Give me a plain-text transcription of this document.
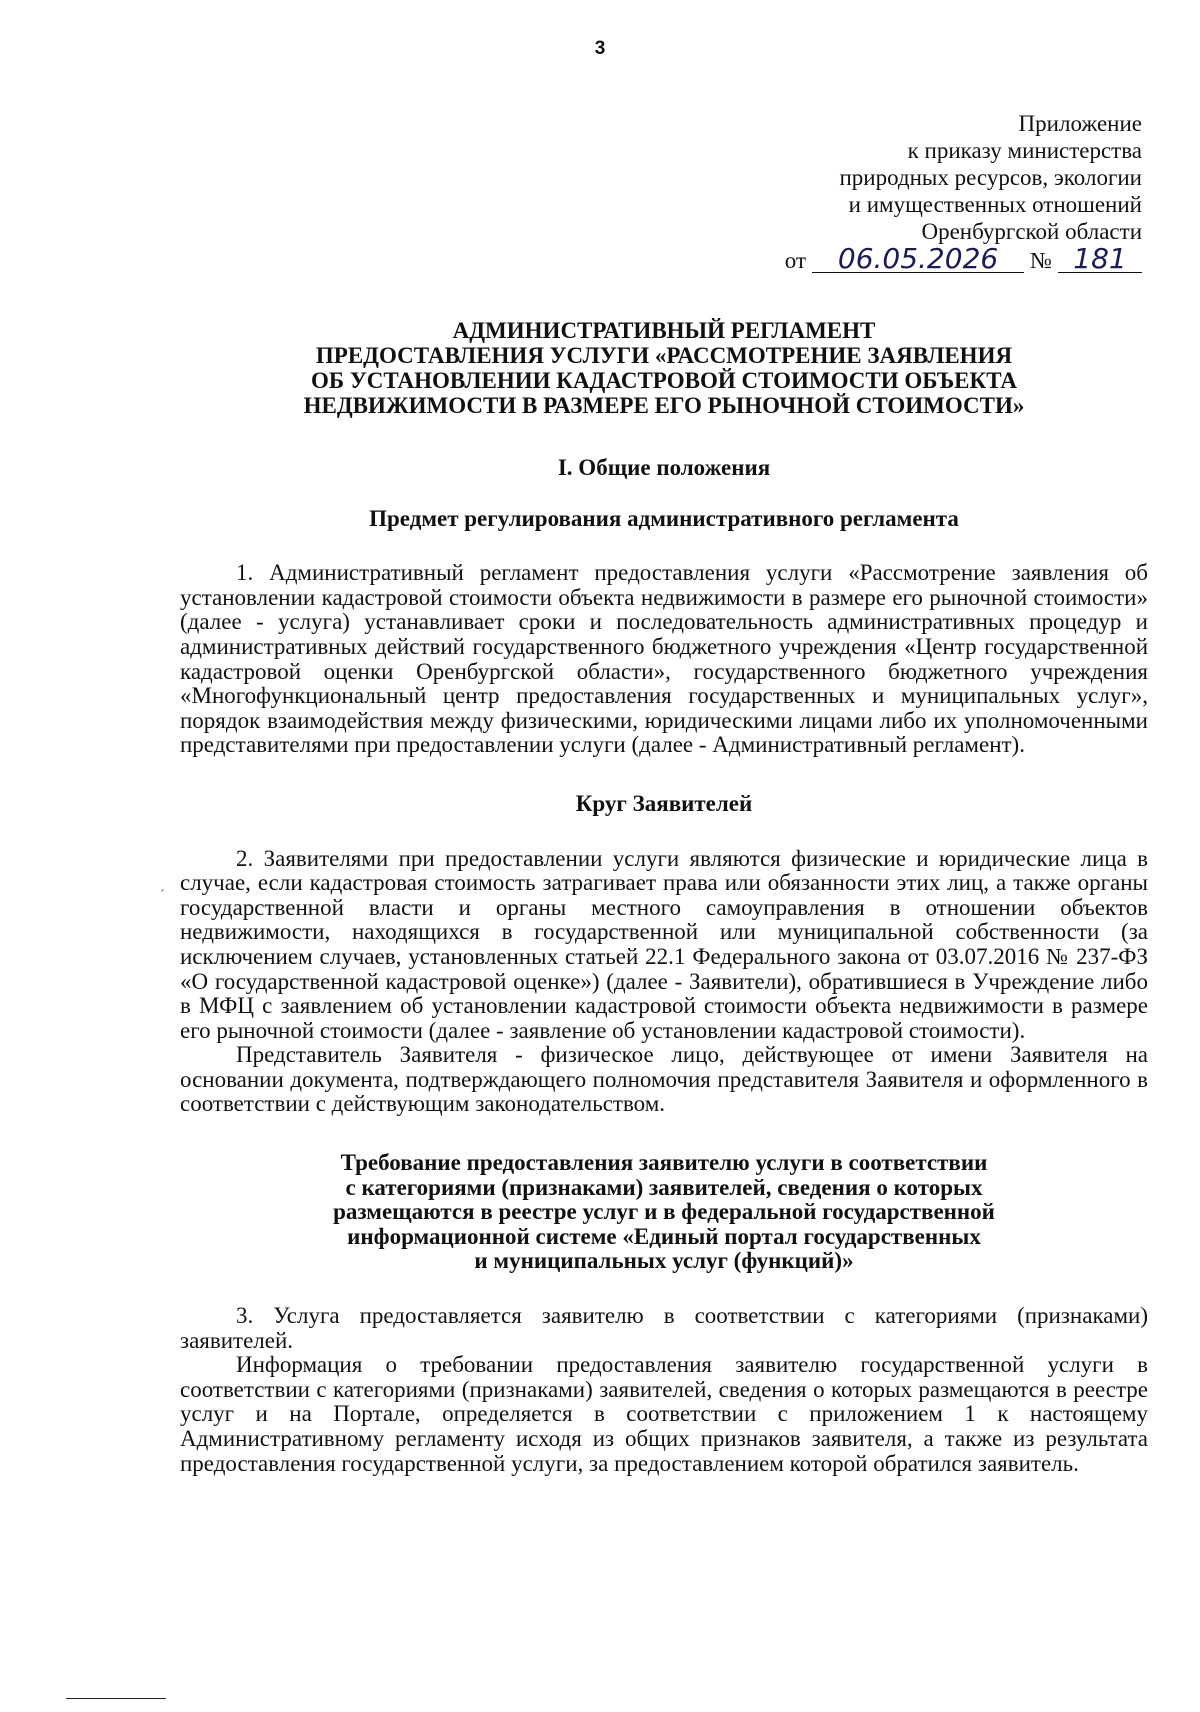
3
Приложение
к приказу министерства
природных ресурсов, экологии
и имущественных отношений
Оренбургской области
от	06.05.2026	№ 181
ˊ
АДМИНИСТРАТИВНЫЙ РЕГЛАМЕНТ
ПРЕДОСТАВЛЕНИЯ УСЛУГИ «РАССМОТРЕНИЕ ЗАЯВЛЕНИЯ
ОБ УСТАНОВЛЕНИИ КАДАСТРОВОЙ СТОИМОСТИ ОБЪЕКТА
НЕДВИЖИМОСТИ В РАЗМЕРЕ ЕГО РЫНОЧНОЙ СТОИМОСТИ»
I. Общие положения
Предмет регулирования административного регламента

1. Административный регламент предоставления услуги «Рассмотрение заявления об установлении кадастровой стоимости объекта недвижимости в размере его рыночной стоимости» (далее - услуга) устанавливает сроки и последовательность административных процедур и административных действий государственного бюджетного учреждения «Центр государственной кадастровой оценки Оренбургской области», государственного бюджетного учреждения «Многофункциональный центр предоставления государственных и муниципальных услуг», порядок взаимодействия между физическими, юридическими лицами либо их уполномоченными представителями при предоставлении услуги (далее - Административный регламент).

Круг Заявителей

2. Заявителями при предоставлении услуги являются физические и юридические лица в случае, если кадастровая стоимость затрагивает права или обязанности этих лиц, а также органы государственной власти и органы местного самоуправления в отношении объектов недвижимости, находящихся в государственной или муниципальной собственности (за исключением случаев, установленных статьей 22.1 Федерального закона от 03.07.2016 № 237-ФЗ «О государственной кадастровой оценке») (далее - Заявители), обратившиеся в Учреждение либо в МФЦ с заявлением об установлении кадастровой стоимости объекта недвижимости в размере его рыночной стоимости (далее - заявление об установлении кадастровой стоимости).

Представитель Заявителя - физическое лицо, действующее от имени Заявителя на основании документа, подтверждающего полномочия представителя Заявителя и оформленного в соответствии с действующим законодательством.

Требование предоставления заявителю услуги в соответствии
с категориями (признаками) заявителей, сведения о которых
размещаются в реестре услуг и в федеральной государственной
информационной системе «Единый портал государственных
и муниципальных услуг (функций)»

3. Услуга предоставляется заявителю в соответствии с категориями (признаками) заявителей.

Информация о требовании предоставления заявителю государственной услуги в соответствии с категориями (признаками) заявителей, сведения о которых размещаются в реестре услуг и на Портале, определяется в соответствии с приложением 1 к настоящему Административному регламенту исходя из общих признаков заявителя, а также из результата предоставления государственной услуги, за предоставлением которой обратился заявитель.
